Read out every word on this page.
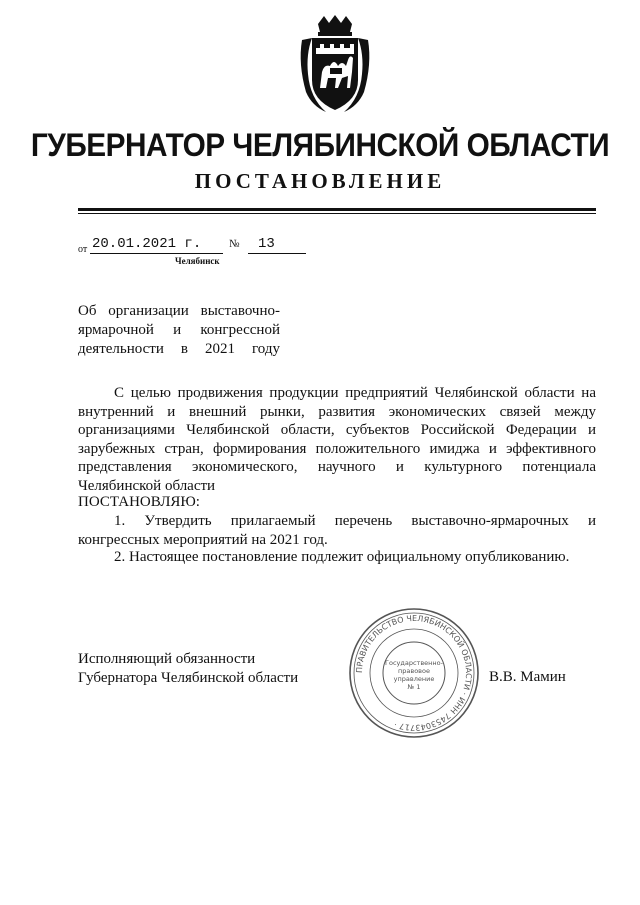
ГУБЕРНАТОР ЧЕЛЯБИНСКОЙ ОБЛАСТИ
ПОСТАНОВЛЕНИЕ
от 20.01.2021 г.	№ 13
Челябинск
Об организации выставочно-
ярмарочной и конгрессной
деятельности в 2021 году
С целью продвижения продукции предприятий Челябинской области на внутренний и внешний рынки, развития экономических связей между организациями Челябинской области, субъектов Российской Федерации и зарубежных стран, формирования положительного имиджа и эффективного представления экономического, научного и культурного потенциала Челябинской области
ПОСТАНОВЛЯЮ:
1. Утвердить прилагаемый перечень выставочно-ярмарочных и конгрессных мероприятий на 2021 год.
2. Настоящее постановление подлежит официальному опубликованию.
Исполняющий обязанности
Губернатора Челябинской области	В.В. Мамин
ПРАВИТЕЛЬСТВО ЧЕЛЯБИНСКОЙ ОБЛАСТИ · ИНН 7453043717 ·
Государственно-
правовое
управление
№ 1
